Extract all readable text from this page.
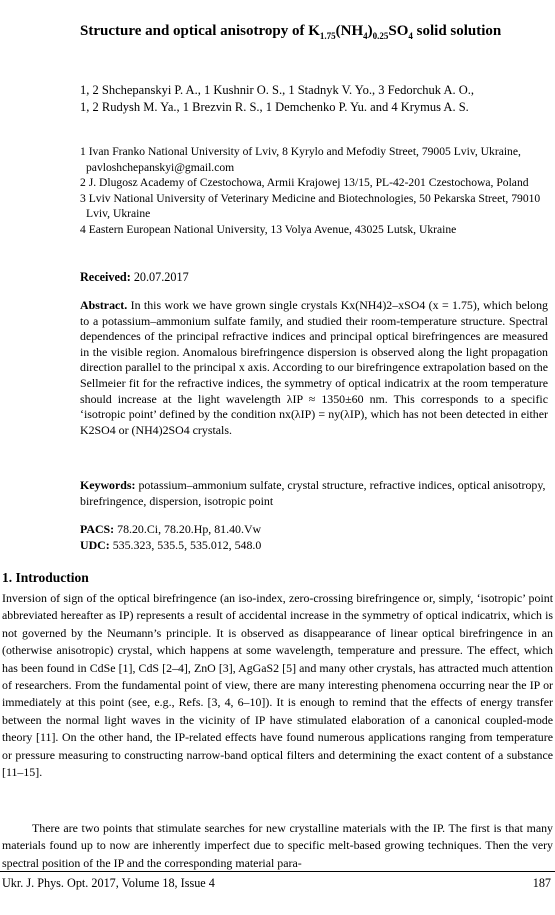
Structure and optical anisotropy of $K_{1.75}(NH_4)_{0.25}SO_4$ solid solution
1, 2 Shchepanskyi P. A., 1 Kushnir O. S., 1 Stadnyk V. Yo., 3 Fedorchuk A. O.,
1, 2 Rudysh M. Ya., 1 Brezvin R. S., 1 Demchenko P. Yu. and 4 Krymus A. S.
1 Ivan Franko National University of Lviv, 8 Kyrylo and Mefodiy Street, 79005 Lviv, Ukraine, pavloshchepanskyi@gmail.com
2 J. Dlugosz Academy of Czestochowa, Armii Krajowej 13/15, PL-42-201 Czestochowa, Poland
3 Lviv National University of Veterinary Medicine and Biotechnologies, 50 Pekarska Street, 79010 Lviv, Ukraine
4 Eastern European National University, 13 Volya Avenue, 43025 Lutsk, Ukraine
Received: 20.07.2017
Abstract. In this work we have grown single crystals Kx(NH4)2–xSO4 (x = 1.75), which belong to a potassium–ammonium sulfate family, and studied their room-temperature structure. Spectral dependences of the principal refractive indices and principal optical birefringences are measured in the visible region. Anomalous birefringence dispersion is observed along the light propagation direction parallel to the principal x axis. According to our birefringence extrapolation based on the Sellmeier fit for the refractive indices, the symmetry of optical indicatrix at the room temperature should increase at the light wavelength λIP ≈ 1350±60 nm. This corresponds to a specific ‘isotropic point’ defined by the condition nx(λIP) = ny(λIP), which has not been detected in either K2SO4 or (NH4)2SO4 crystals.
Keywords: potassium–ammonium sulfate, crystal structure, refractive indices, optical anisotropy, birefringence, dispersion, isotropic point
PACS: 78.20.Ci, 78.20.Hp, 81.40.Vw
UDC: 535.323, 535.5, 535.012, 548.0
1. Introduction
Inversion of sign of the optical birefringence (an iso-index, zero-crossing birefringence or, simply, ‘isotropic’ point abbreviated hereafter as IP) represents a result of accidental increase in the symmetry of optical indicatrix, which is not governed by the Neumann’s principle. It is observed as disappearance of linear optical birefringence in an (otherwise anisotropic) crystal, which happens at some wavelength, temperature and pressure. The effect, which has been found in CdSe [1], CdS [2–4], ZnO [3], AgGaS2 [5] and many other crystals, has attracted much attention of researchers. From the fundamental point of view, there are many interesting phenomena occurring near the IP or immediately at this point (see, e.g., Refs. [3, 4, 6–10]). It is enough to remind that the effects of energy transfer between the normal light waves in the vicinity of IP have stimulated elaboration of a canonical coupled-mode theory [11]. On the other hand, the IP-related effects have found numerous applications ranging from temperature or pressure measuring to constructing narrow-band optical filters and determining the exact content of a substance [11–15].
There are two points that stimulate searches for new crystalline materials with the IP. The first is that many materials found up to now are inherently imperfect due to specific melt-based growing techniques. Then the very spectral position of the IP and the corresponding material para-
Ukr. J. Phys. Opt. 2017, Volume 18, Issue 4	187
